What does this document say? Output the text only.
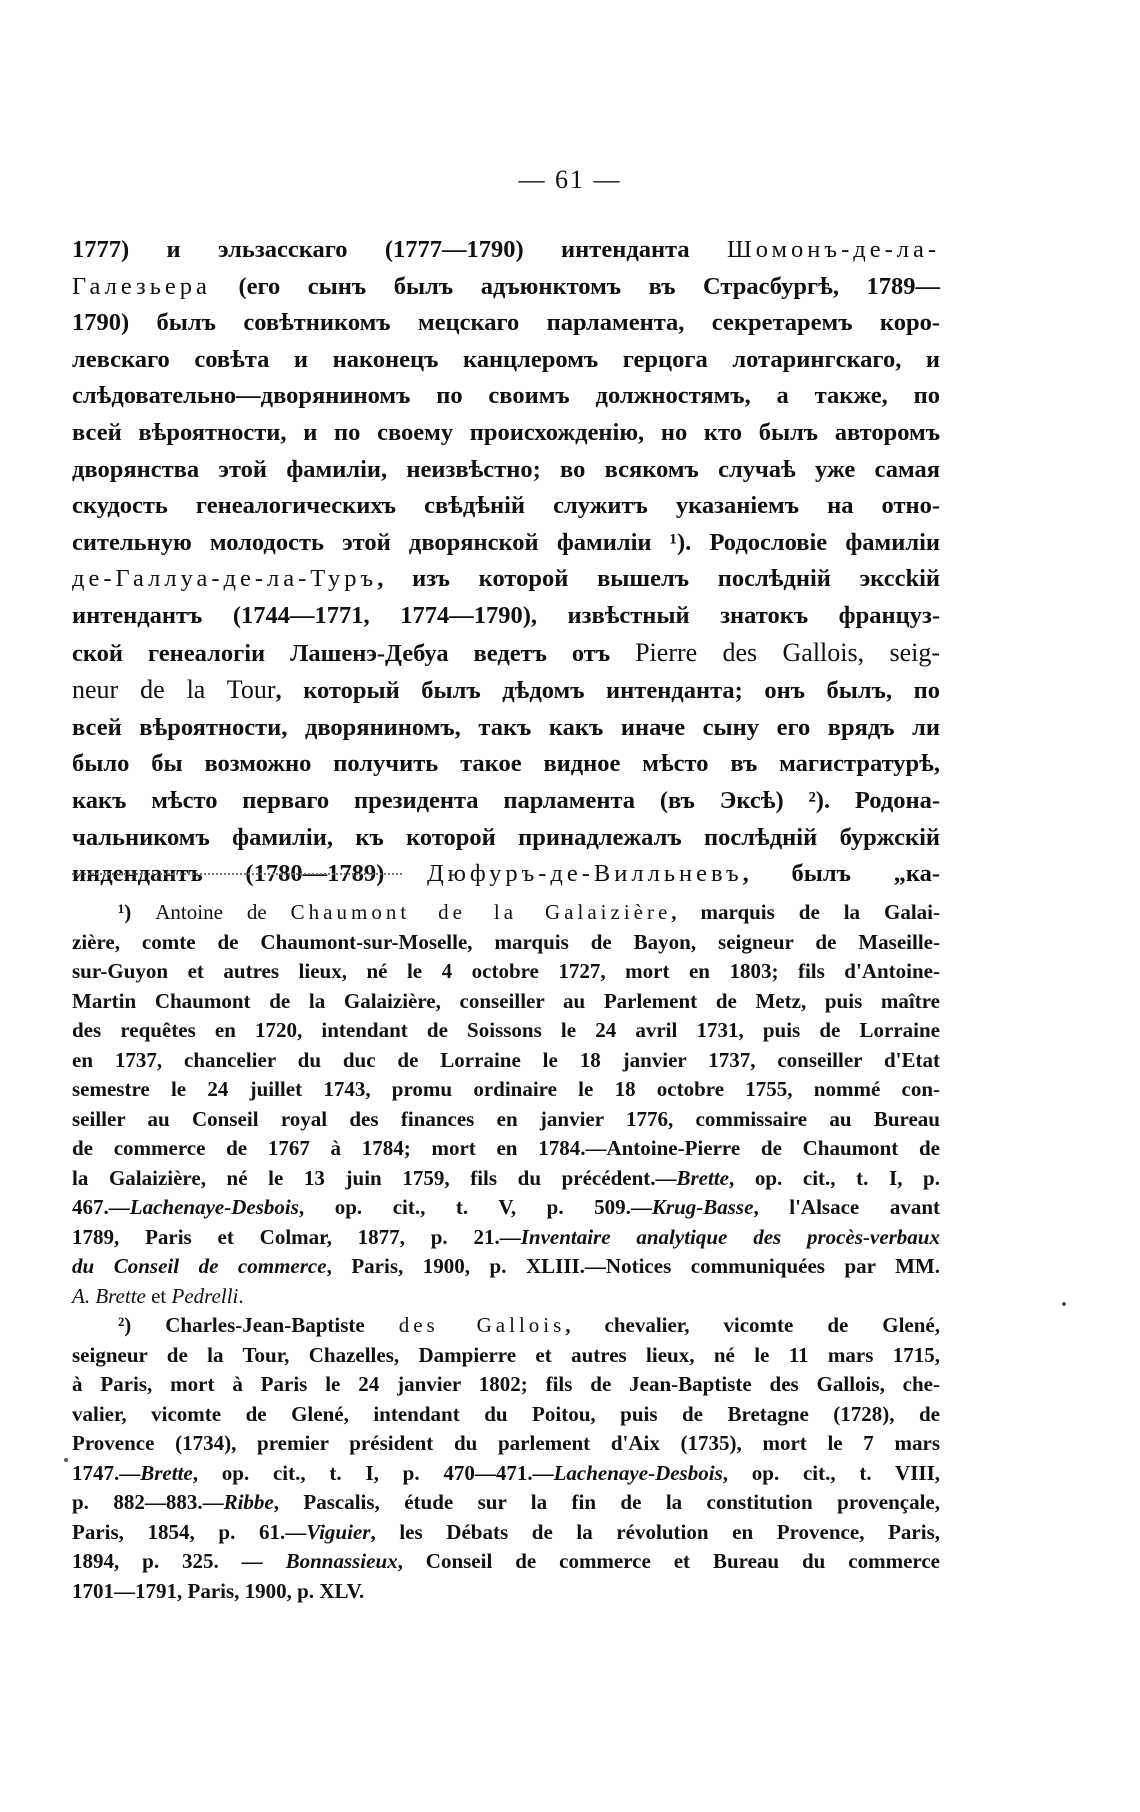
— 61 —
1777) и эльзасскаго (1777—1790) интенданта Шомонъ-де-ла-
Галезьера (его сынъ былъ адъюнктомъ въ Страсбургѣ, 1789—
1790) былъ совѣтникомъ мецскаго парламента, секретаремъ коро-
левскаго совѣта и наконецъ канцлеромъ герцога лотарингскаго, и
слѣдовательно—дворяниномъ по своимъ должностямъ, а также, по
всей вѣроятности, и по своему происхожденію, но кто былъ авторомъ
дворянства этой фамиліи, неизвѣстно; во всякомъ случаѣ уже самая
скудость генеалогическихъ свѣдѣній служитъ указаніемъ на отно-
сительную молодость этой дворянской фамиліи ¹). Родословіе фамиліи
де-Галлуа-де-ла-Туръ, изъ которой вышелъ послѣдній экссkій
интендантъ (1744—1771, 1774—1790), извѣстный знатокъ француз-
ской генеалогіи Лашенэ-Дебуа ведетъ отъ Pierre des Gallois, seig-
neur de la Tour, который былъ дѣдомъ интенданта; онъ былъ, по
всей вѣроятности, дворяниномъ, такъ какъ иначе сыну его врядъ ли
было бы возможно получить такое видное мѣсто въ магистратурѣ,
какъ мѣсто перваго президента парламента (въ Эксѣ) ²). Родона-
чальникомъ фамиліи, къ которой принадлежалъ послѣдній буржскій
индендантъ (1780—1789) Дюфуръ-де-Вилльневъ, былъ „ка-
¹) Antoine de Chaumont de la Galaizière, marquis de la Galai-
zière, comte de Chaumont-sur-Moselle, marquis de Bayon, seigneur de Maseille-
sur-Guyon et autres lieux, né le 4 octobre 1727, mort en 1803; fils d'Antoine-
Martin Chaumont de la Galaizière, conseiller au Parlement de Metz, puis maître
des requêtes en 1720, intendant de Soissons le 24 avril 1731, puis de Lorraine
en 1737, chancelier du duc de Lorraine le 18 janvier 1737, conseiller d'Etat
semestre le 24 juillet 1743, promu ordinaire le 18 octobre 1755, nommé con-
seiller au Conseil royal des finances en janvier 1776, commissaire au Bureau
de commerce de 1767 à 1784; mort en 1784.—Antoine-Pierre de Chaumont de
la Galaizière, né le 13 juin 1759, fils du précédent.—Brette, op. cit., t. I, p.
467.—Lachenaye-Desbois, op. cit., t. V, p. 509.—Krug-Basse, l'Alsace avant
1789, Paris et Colmar, 1877, p. 21.—Inventaire analytique des procès-verbaux
du Conseil de commerce, Paris, 1900, p. XLIII.—Notices communiquées par MM.
A. Brette et Pedrelli.
²) Charles-Jean-Baptiste des Gallois, chevalier, vicomte de Glené,
seigneur de la Tour, Chazelles, Dampierre et autres lieux, né le 11 mars 1715,
à Paris, mort à Paris le 24 janvier 1802; fils de Jean-Baptiste des Gallois, che-
valier, vicomte de Glené, intendant du Poitou, puis de Bretagne (1728), de
Provence (1734), premier président du parlement d'Aix (1735), mort le 7 mars
1747.—Brette, op. cit., t. I, p. 470—471.—Lachenaye-Desbois, op. cit., t. VIII,
p. 882—883.—Ribbe, Pascalis, étude sur la fin de la constitution provençale,
Paris, 1854, p. 61.—Viguier, les Débats de la révolution en Provence, Paris,
1894, p. 325. — Bonnassieux, Conseil de commerce et Bureau du commerce
1701—1791, Paris, 1900, p. XLV.
